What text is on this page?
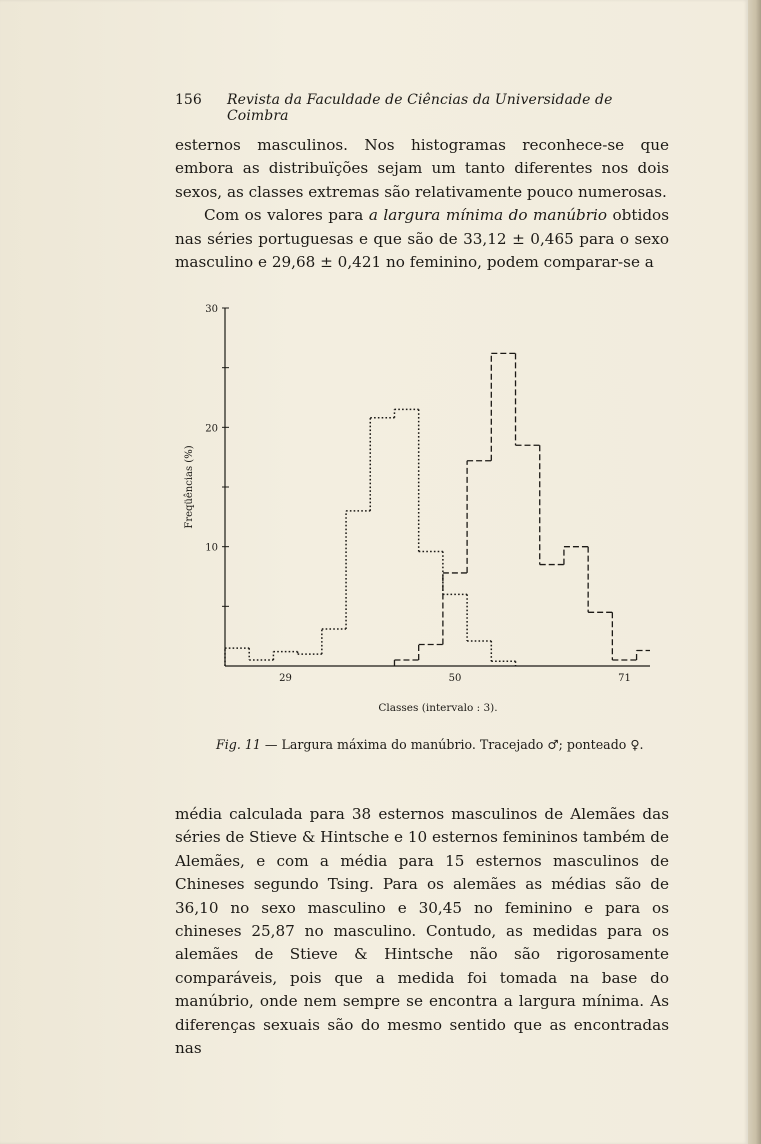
156 Revista da Faculdade de Ciências da Universidade de Coimbra

esternos masculinos. Nos histogramas reconhece-se que embora as distribuïções sejam um tanto diferentes nos dois sexos, as classes extremas são relativamente pouco numerosas.
Com os valores para a largura mínima do manúbrio obtidos nas séries portuguesas e que são de 33,12 ± 0,465 para o sexo masculino e 29,68 ± 0,421 no feminino, podem comparar-se a

10
20
30
Freqüências (%)
29	50	71
Classes (intervalo : 3).
Fig. 11 — Largura máxima do manúbrio. Tracejado ♂; ponteado ♀.

média calculada para 38 esternos masculinos de Alemães das séries de Stieve & Hintsche e 10 esternos femininos também de Alemães, e com a média para 15 esternos masculinos de Chineses segundo Tsing. Para os alemães as médias são de 36,10 no sexo masculino e 30,45 no feminino e para os chineses 25,87 no masculino. Contudo, as medidas para os alemães de Stieve & Hintsche não são rigorosamente comparáveis, pois que a medida foi tomada na base do manúbrio, onde nem sempre se encontra a largura mínima. As diferenças sexuais são do mesmo sentido que as encontradas nas
